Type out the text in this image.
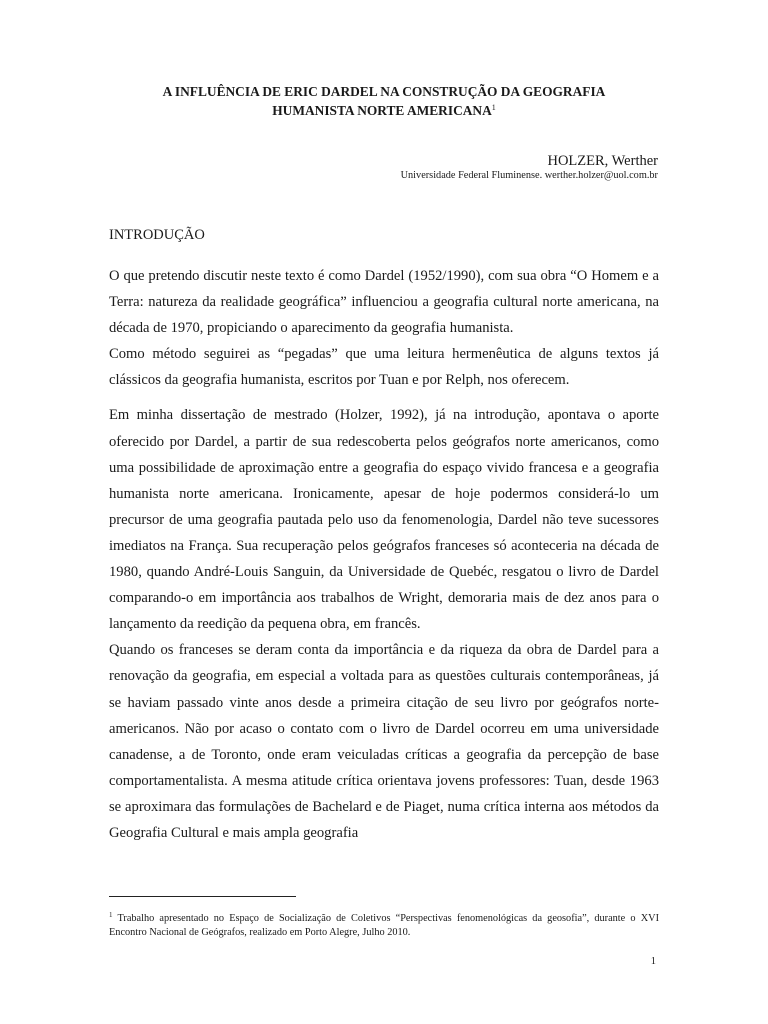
A INFLUÊNCIA DE ERIC DARDEL NA CONSTRUÇÃO DA GEOGRAFIA
HUMANISTA NORTE AMERICANA$^1$
HOLZER, Werther
Universidade Federal Fluminense. werther.holzer@uol.com.br
INTRODUÇÃO

O que pretendo discutir neste texto é como Dardel (1952/1990), com sua obra “O Homem e a Terra: natureza da realidade geográfica” influenciou a geografia cultural norte americana, na década de 1970, propiciando o aparecimento da geografia humanista.

Como método seguirei as “pegadas” que uma leitura hermenêutica de alguns textos já clássicos da geografia humanista, escritos por Tuan e por Relph, nos oferecem.

Em minha dissertação de mestrado (Holzer, 1992), já na introdução, apontava o aporte oferecido por Dardel, a partir de sua redescoberta pelos geógrafos norte americanos, como uma possibilidade de aproximação entre a geografia do espaço vivido francesa e a geografia humanista norte americana. Ironicamente, apesar de hoje podermos considerá-lo um precursor de uma geografia pautada pelo uso da fenomenologia, Dardel não teve sucessores imediatos na França. Sua recuperação pelos geógrafos franceses só aconteceria na década de 1980, quando André-Louis Sanguin, da Universidade de Quebéc, resgatou o livro de Dardel comparando-o em importância aos trabalhos de Wright, demoraria mais de dez anos para o lançamento da reedição da pequena obra, em francês.

Quando os franceses se deram conta da importância e da riqueza da obra de Dardel para a renovação da geografia, em especial a voltada para as questões culturais contemporâneas, já se haviam passado vinte anos desde a primeira citação de seu livro por geógrafos norte-americanos. Não por acaso o contato com o livro de Dardel ocorreu em uma universidade canadense, a de Toronto, onde eram veiculadas críticas a geografia da percepção de base comportamentalista. A mesma atitude crítica orientava jovens professores: Tuan, desde 1963 se aproximara das formulações de Bachelard e de Piaget, numa crítica interna aos métodos da Geografia Cultural e mais ampla geografia

$^1$ Trabalho apresentado no Espaço de Socialização de Coletivos “Perspectivas fenomenológicas da geosofia”, durante o XVI Encontro Nacional de Geógrafos, realizado em Porto Alegre, Julho 2010.
1
